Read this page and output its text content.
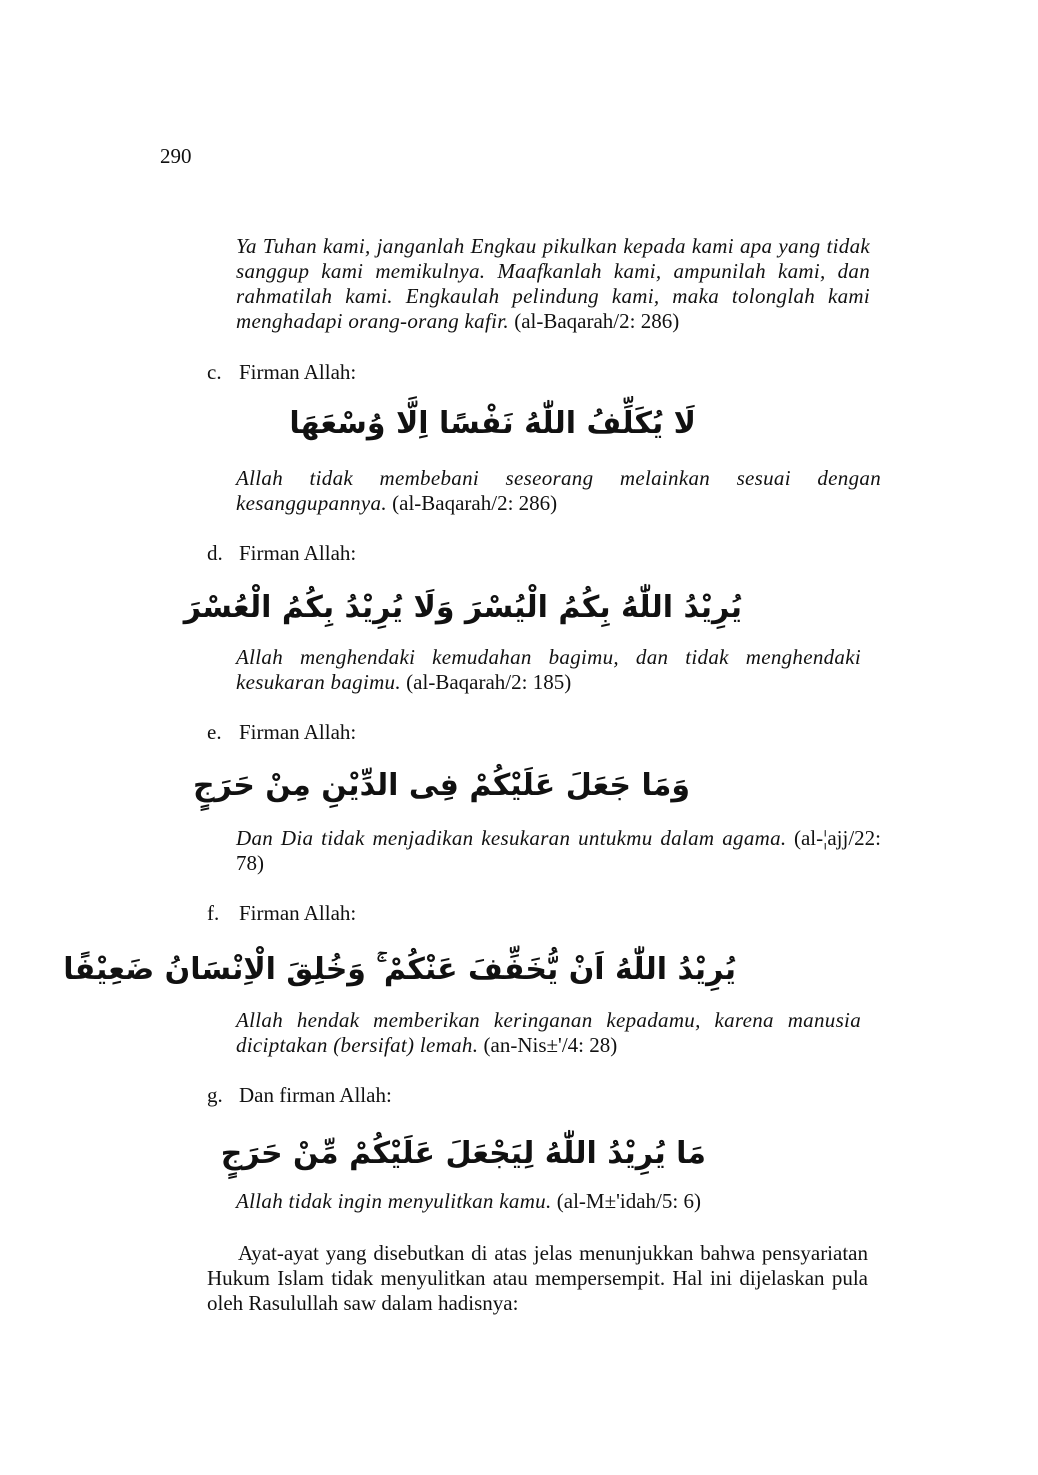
290
Ya Tuhan kami, janganlah Engkau pikulkan kepada kami apa yang tidak sanggup kami memikulnya. Maafkanlah kami, ampunilah kami, dan rahmatilah kami. Engkaulah pelindung kami, maka tolonglah kami menghadapi orang-orang kafir. (al-Baqarah/2: 286)
c. Firman Allah:
لَا يُكَلِّفُ اللّٰهُ نَفْسًا اِلَّا وُسْعَهَا
Allah tidak membebani seseorang melainkan sesuai dengan kesanggupannya. (al-Baqarah/2: 286)
d. Firman Allah:
يُرِيْدُ اللّٰهُ بِكُمُ الْيُسْرَ وَلَا يُرِيْدُ بِكُمُ الْعُسْرَ
Allah menghendaki kemudahan bagimu, dan tidak menghendaki kesukaran bagimu. (al-Baqarah/2: 185)
e. Firman Allah:
وَمَا جَعَلَ عَلَيْكُمْ فِى الدِّيْنِ مِنْ حَرَجٍ
Dan Dia tidak menjadikan kesukaran untukmu dalam agama. (al-¦ajj/22: 78)
f. Firman Allah:
يُرِيْدُ اللّٰهُ اَنْ يُّخَفِّفَ عَنْكُمْ ۚ وَخُلِقَ الْاِنْسَانُ ضَعِيْفًا
Allah hendak memberikan keringanan kepadamu, karena manusia diciptakan (bersifat) lemah. (an-Nis±'/4: 28)
g. Dan firman Allah:
مَا يُرِيْدُ اللّٰهُ لِيَجْعَلَ عَلَيْكُمْ مِّنْ حَرَجٍ
Allah tidak ingin menyulitkan kamu. (al-M±'idah/5: 6)
Ayat-ayat yang disebutkan di atas jelas menunjukkan bahwa pensyariatan Hukum Islam tidak menyulitkan atau mempersempit. Hal ini dijelaskan pula oleh Rasulullah saw dalam hadisnya:
